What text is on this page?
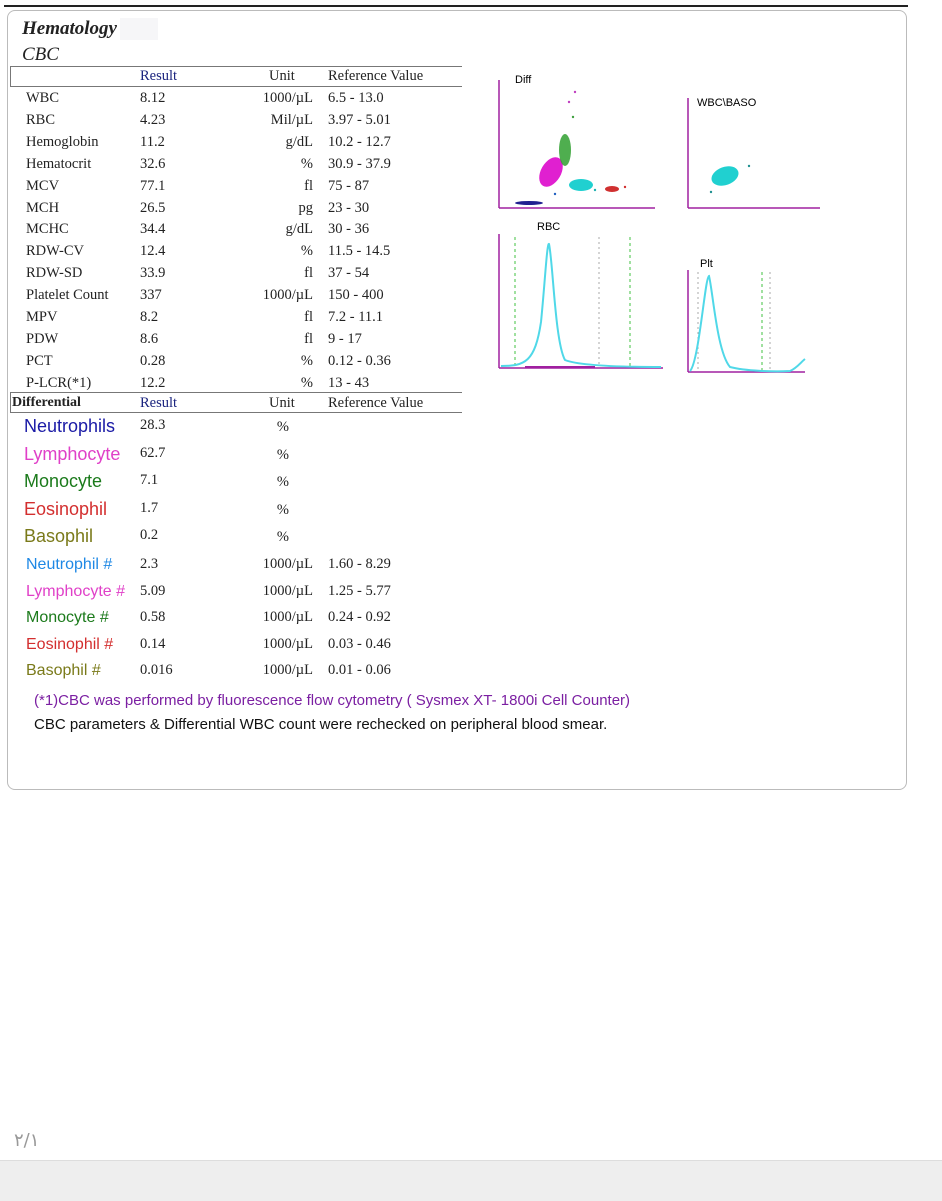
Hematology
CBC
Result	Unit Reference Value
WBC	8.12	1000/µL 6.5 - 13.0
RBC	4.23	Mil/µL 3.97 - 5.01
Hemoglobin	11.2	g/dL 10.2 - 12.7
Hematocrit	32.6	% 30.9 - 37.9
MCV	77.1	fl 75 - 87
MCH	26.5	pg 23 - 30
MCHC	34.4	g/dL 30 - 36
RDW-CV	12.4	% 11.5 - 14.5
RDW-SD	33.9	fl 37 - 54
Platelet Count 337	1000/µL 150 - 400
MPV	8.2	fl 7.2 - 11.1
PDW	8.6	fl 9 - 17
PCT	0.28	% 0.12 - 0.36
P-LCR(*1)	12.2	% 13 - 43
Differential	Result	Unit Reference Value
Neutrophils 28.3	%
Lymphocyte 62.7	%
Monocyte	7.1	%
Eosinophil 1.7	%
Basophil	0.2	%
Neutrophil # 2.3	1000/µL 1.60 - 8.29
Lymphocyte # 5.09	1000/µL 1.25 - 5.77
Monocyte # 0.58	1000/µL 0.24 - 0.92
Eosinophil # 0.14	1000/µL 0.03 - 0.46
Basophil #	0.016	1000/µL 0.01 - 0.06
Diff
WBC\BASO
RBC
Plt
(*1)CBC was performed by fluorescence flow cytometry ( Sysmex XT- 1800i Cell Counter)
CBC parameters & Differential WBC count were rechecked on peripheral blood smear.
۲/۱
